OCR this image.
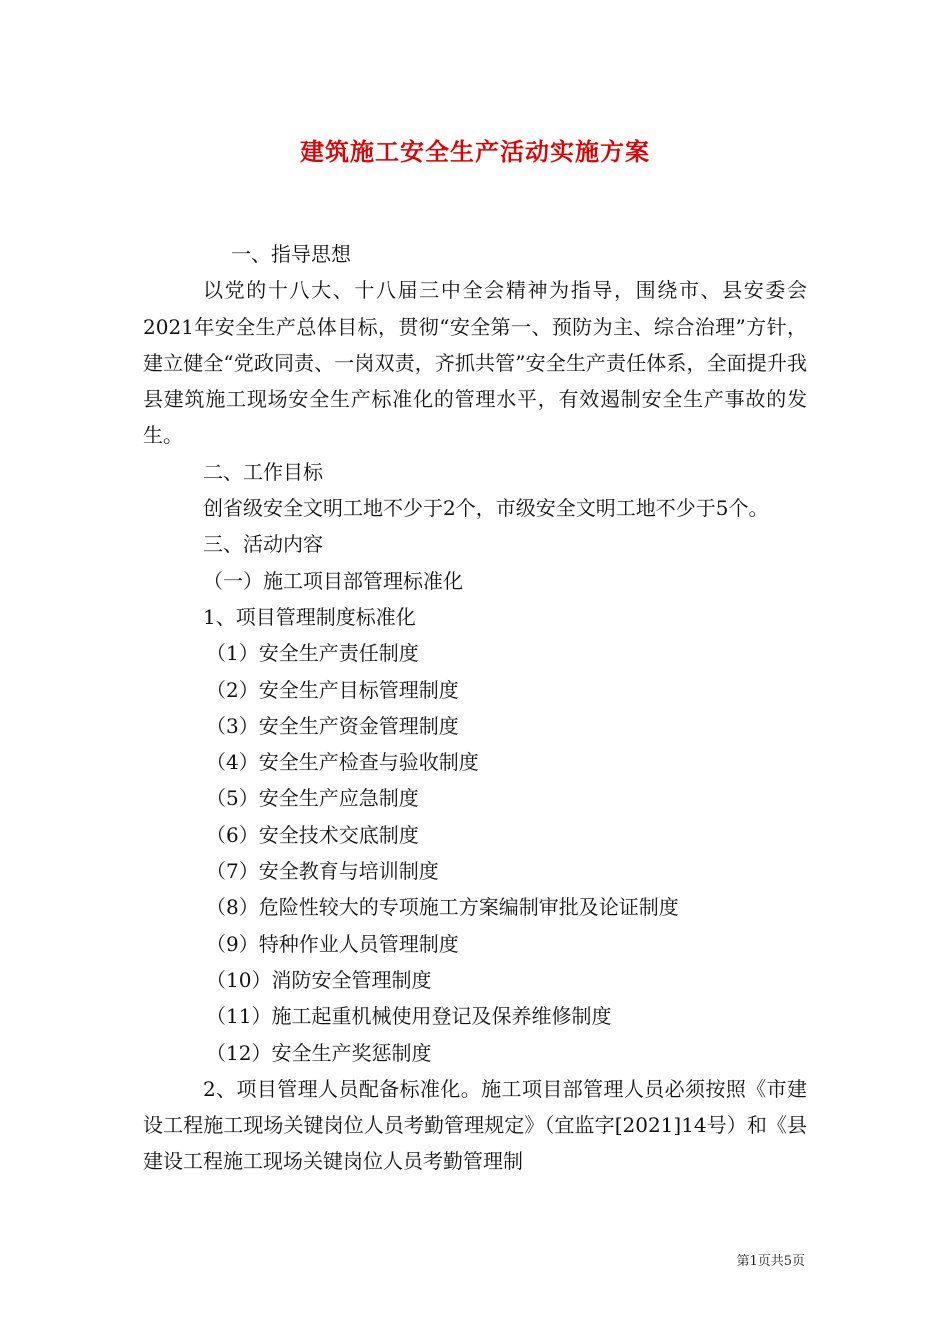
建筑施工安全生产活动实施方案

一、指导思想

以党的十八大、十八届三中全会精神为指导，围绕市、县安委会2021年安全生产总体目标，贯彻“安全第一、预防为主、综合治理”方针，建立健全“党政同责、一岗双责，齐抓共管”安全生产责任体系，全面提升我县建筑施工现场安全生产标准化的管理水平，有效遏制安全生产事故的发生。

二、工作目标

创省级安全文明工地不少于2个，市级安全文明工地不少于5个。

三、活动内容

（一）施工项目部管理标准化

1、项目管理制度标准化

（1）安全生产责任制度

（2）安全生产目标管理制度

（3）安全生产资金管理制度

（4）安全生产检查与验收制度

（5）安全生产应急制度

（6）安全技术交底制度

（7）安全教育与培训制度

（8）危险性较大的专项施工方案编制审批及论证制度

（9）特种作业人员管理制度

（10）消防安全管理制度

（11）施工起重机械使用登记及保养维修制度

（12）安全生产奖惩制度

2、项目管理人员配备标准化。施工项目部管理人员必须按照《市建设工程施工现场关键岗位人员考勤管理规定》（宜监字[2021]14号）和《县建设工程施工现场关键岗位人员考勤管理制

第1页共5页
